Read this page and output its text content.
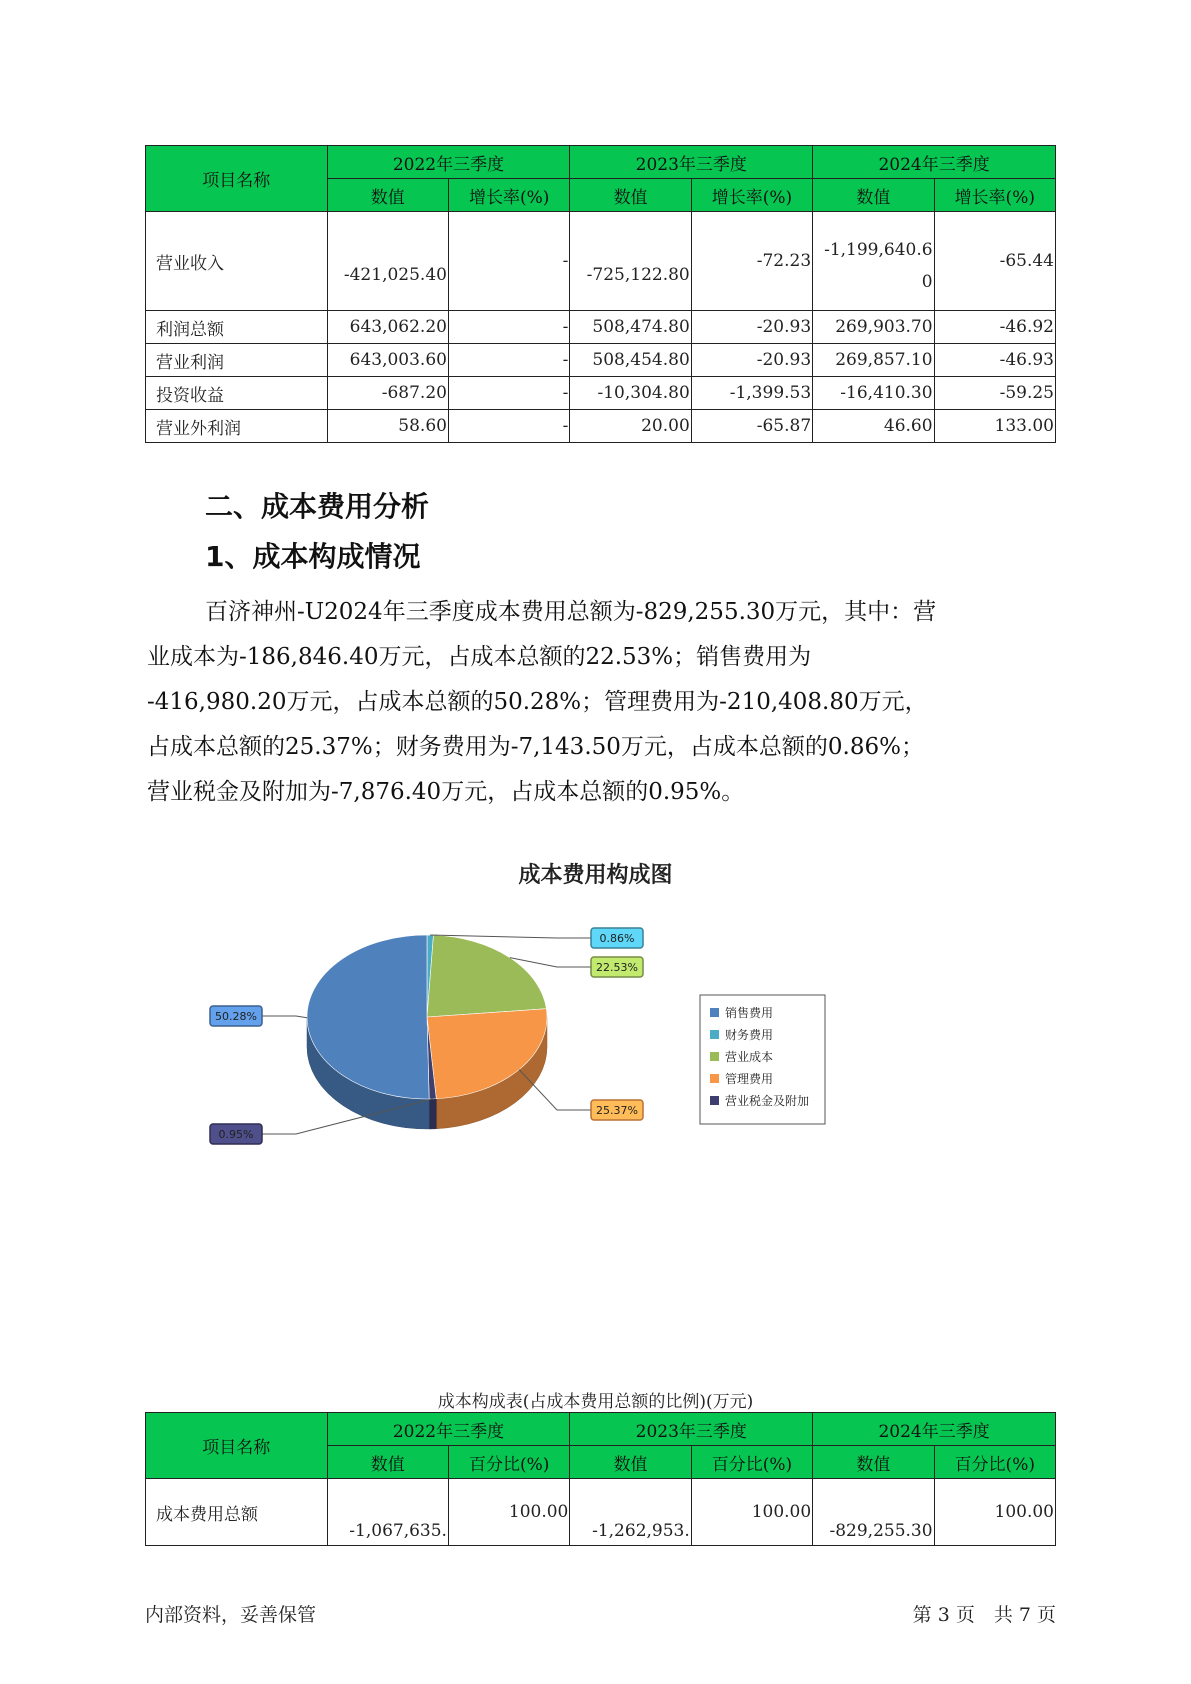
项目名称	2022年三季度		2023年三季度		2024年三季度	
	数值	增长率(%)	数值	增长率(%)	数值	增长率(%)
营业收入	-421,025.40	-	-725,122.80	-72.23	-1,199,640.60	-65.44
利润总额	643,062.20	-	508,474.80	-20.93	269,903.70	-46.92
营业利润	643,003.60	-	508,454.80	-20.93	269,857.10	-46.93
投资收益	-687.20	-	-10,304.80	-1,399.53	-16,410.30	-59.25
营业外利润	58.60	-	20.00	-65.87	46.60	133.00
二、成本费用分析
1、成本构成情况
百济神州-U2024年三季度成本费用总额为-829,255.30万元，其中：营
业成本为-186,846.40万元，占成本总额的22.53%；销售费用为
-416,980.20万元，占成本总额的50.28%；管理费用为-210,408.80万元，
占成本总额的25.37%；财务费用为-7,143.50万元，占成本总额的0.86%；
营业税金及附加为-7,876.40万元，占成本总额的0.95%。
成本费用构成图
0.86%
22.53%
25.37%
0.95%
50.28%	销售费用
财务费用
营业成本
管理费用
营业税金及附加
成本构成表(占成本费用总额的比例)(万元)
项目名称	2022年三季度		2023年三季度		2024年三季度	
	数值	百分比(%)	数值	百分比(%)	数值	百分比(%)
成本费用总额	-1,067,635.	100.00	-1,262,953.	100.00	-829,255.30	100.00
内部资料，妥善保管	第 3 页　共 7 页
